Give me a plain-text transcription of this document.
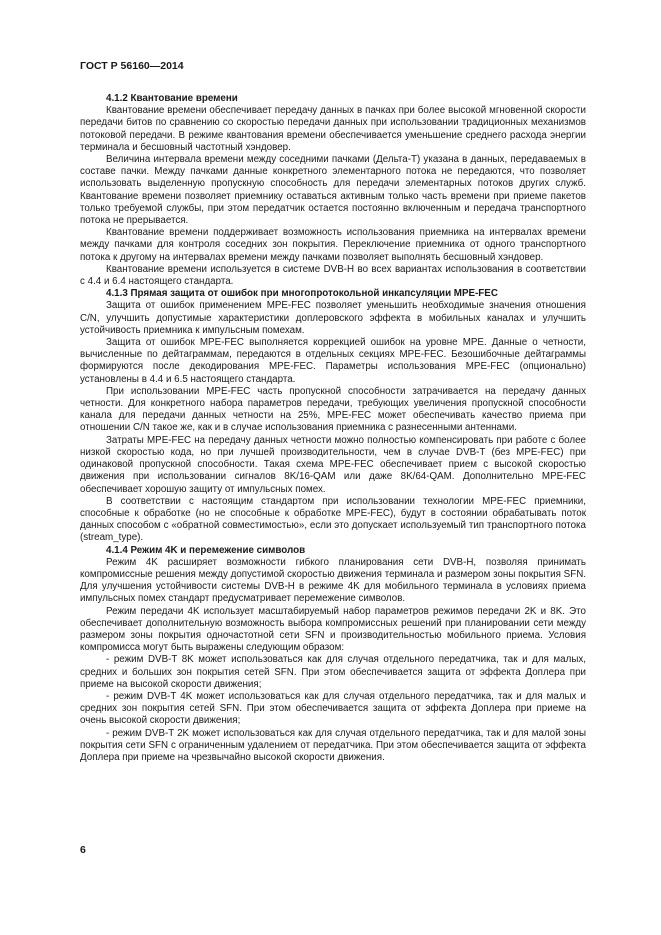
ГОСТ Р 56160—2014
4.1.2 Квантование времени

Квантование времени обеспечивает передачу данных в пачках при более высокой мгновенной скорости передачи битов по сравнению со скоростью передачи данных при использовании традиционных механизмов потоковой передачи. В режиме квантования времени обеспечивается уменьшение среднего расхода энергии терминала и бесшовный частотный хэндовер.

Величина интервала времени между соседними пачками (Дельта-Т) указана в данных, передаваемых в составе пачки. Между пачками данные конкретного элементарного потока не передаются, что позволяет использовать выделенную пропускную способность для передачи элементарных потоков других служб. Квантование времени позволяет приемнику оставаться активным только часть времени при приеме пакетов только требуемой службы, при этом передатчик остается постоянно включенным и передача транспортного потока не прерывается.

Квантование времени поддерживает возможность использования приемника на интервалах времени между пачками для контроля соседних зон покрытия. Переключение приемника от одного транспортного потока к другому на интервалах времени между пачками позволяет выполнять бесшовный хэндовер.

Квантование времени используется в системе DVB-H во всех вариантах использования в соответствии с 4.4 и 6.4 настоящего стандарта.

4.1.3 Прямая защита от ошибок при многопротокольной инкапсуляции MPE-FEC

Защита от ошибок применением MPE-FEC позволяет уменьшить необходимые значения отношения C/N, улучшить допустимые характеристики доплеровского эффекта в мобильных каналах и улучшить устойчивость приемника к импульсным помехам.

Защита от ошибок MPE-FEC выполняется коррекцией ошибок на уровне MPE. Данные о четности, вычисленные по дейтаграммам, передаются в отдельных секциях MPE-FEC. Безошибочные дейтаграммы формируются после декодирования MPE-FEC. Параметры использования MPE-FEC (опционально) установлены в 4.4 и 6.5 настоящего стандарта.

При использовании MPE-FEC часть пропускной способности затрачивается на передачу данных четности. Для конкретного набора параметров передачи, требующих увеличения пропускной способности канала для передачи данных четности на 25%, MPE-FEC может обеспечивать качество приема при отношении C/N такое же, как и в случае использования приемника с разнесенными антеннами.

Затраты MPE-FEC на передачу данных четности можно полностью компенсировать при работе с более низкой скоростью кода, но при лучшей производительности, чем в случае DVB-T (без MPE-FEC) при одинаковой пропускной способности. Такая схема MPE-FEC обеспечивает прием с высокой скоростью движения при использовании сигналов 8K/16-QAM или даже 8K/64-QAM. Дополнительно MPE-FEC обеспечивает хорошую защиту от импульсных помех.

В соответствии с настоящим стандартом при использовании технологии MPE-FEC приемники, способные к обработке (но не способные к обработке MPE-FEC), будут в состоянии обрабатывать поток данных способом с «обратной совместимостью», если это допускает используемый тип транспортного потока (stream_type).

4.1.4 Режим 4K и перемежение символов

Режим 4K расширяет возможности гибкого планирования сети DVB-H, позволяя принимать компромиссные решения между допустимой скоростью движения терминала и размером зоны покрытия SFN. Для улучшения устойчивости системы DVB-H в режиме 4K для мобильного терминала в условиях приема импульсных помех стандарт предусматривает перемежение символов.

Режим передачи 4K использует масштабируемый набор параметров режимов передачи 2K и 8K. Это обеспечивает дополнительную возможность выбора компромиссных решений при планировании сети между размером зоны покрытия одночастотной сети SFN и производительностью мобильного приема. Условия компромисса могут быть выражены следующим образом:

- режим DVB-T 8K может использоваться как для случая отдельного передатчика, так и для малых, средних и больших зон покрытия сетей SFN. При этом обеспечивается защита от эффекта Доплера при приеме на высокой скорости движения;

- режим DVB-T 4K может использоваться как для случая отдельного передатчика, так и для малых и средних зон покрытия сетей SFN. При этом обеспечивается защита от эффекта Доплера при приеме на очень высокой скорости движения;

- режим DVB-T 2K может использоваться как для случая отдельного передатчика, так и для малой зоны покрытия сети SFN с ограниченным удалением от передатчика. При этом обеспечивается защита от эффекта Доплера при приеме на чрезвычайно высокой скорости движения.

6
